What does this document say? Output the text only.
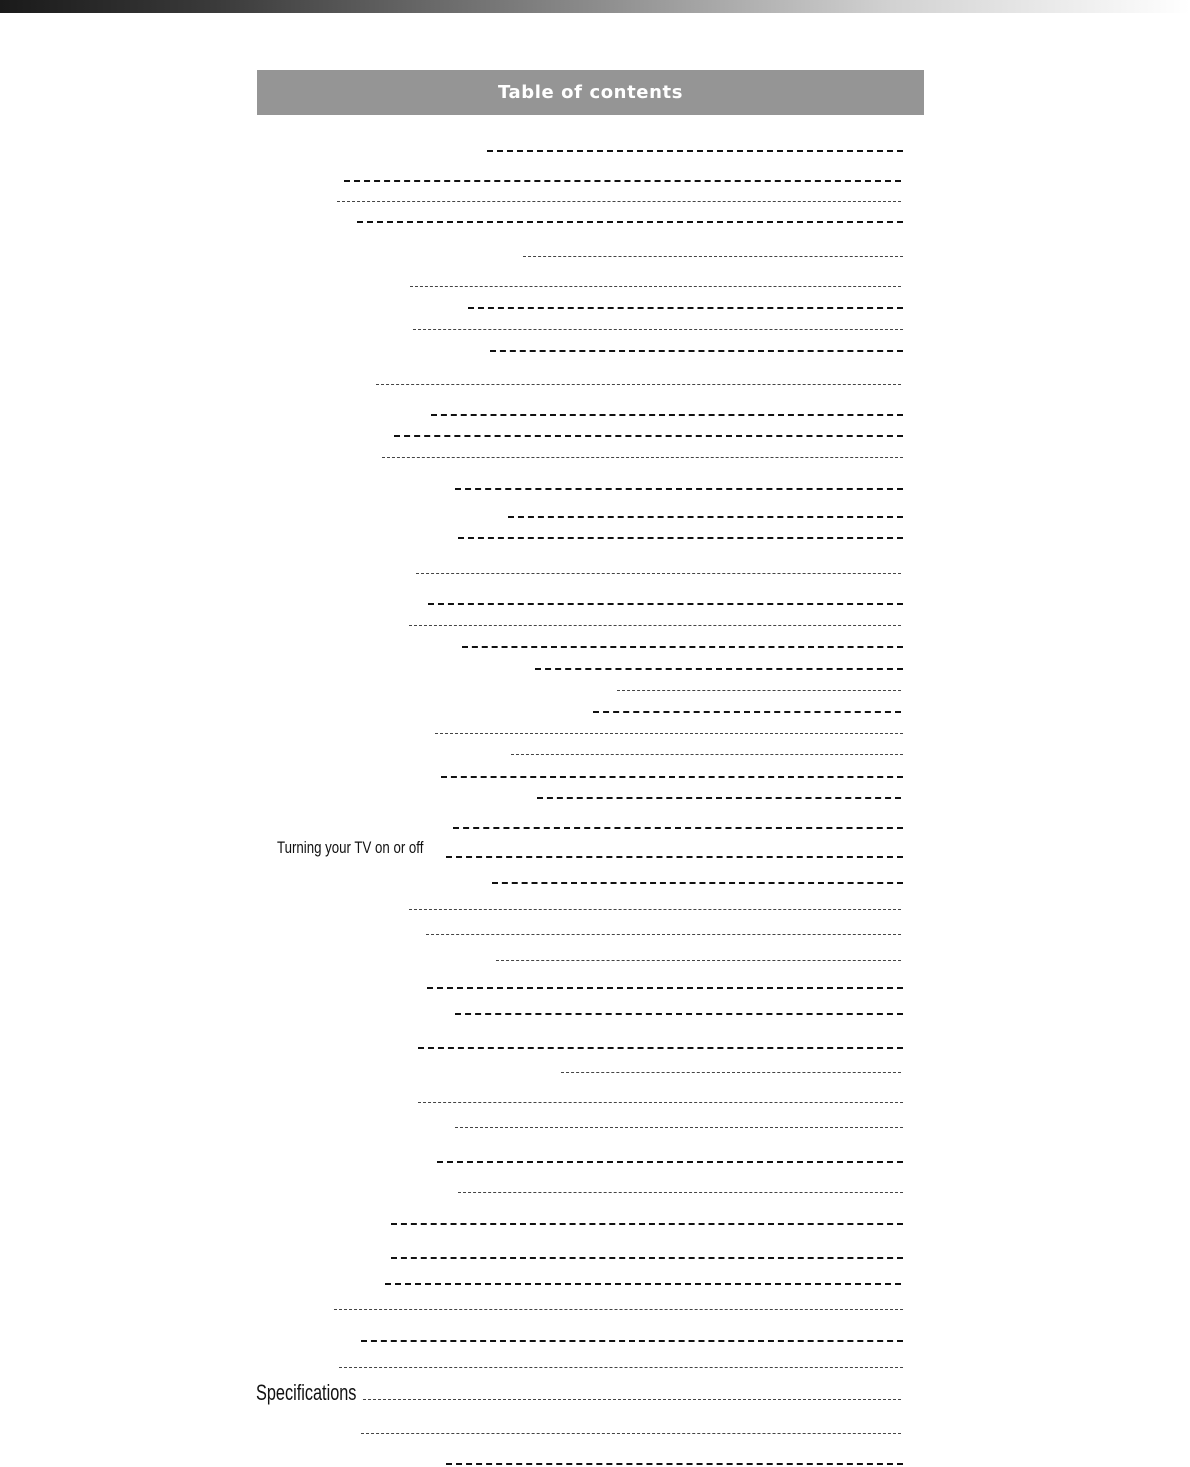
Table of contents
Turning your TV on or off
Specifications
